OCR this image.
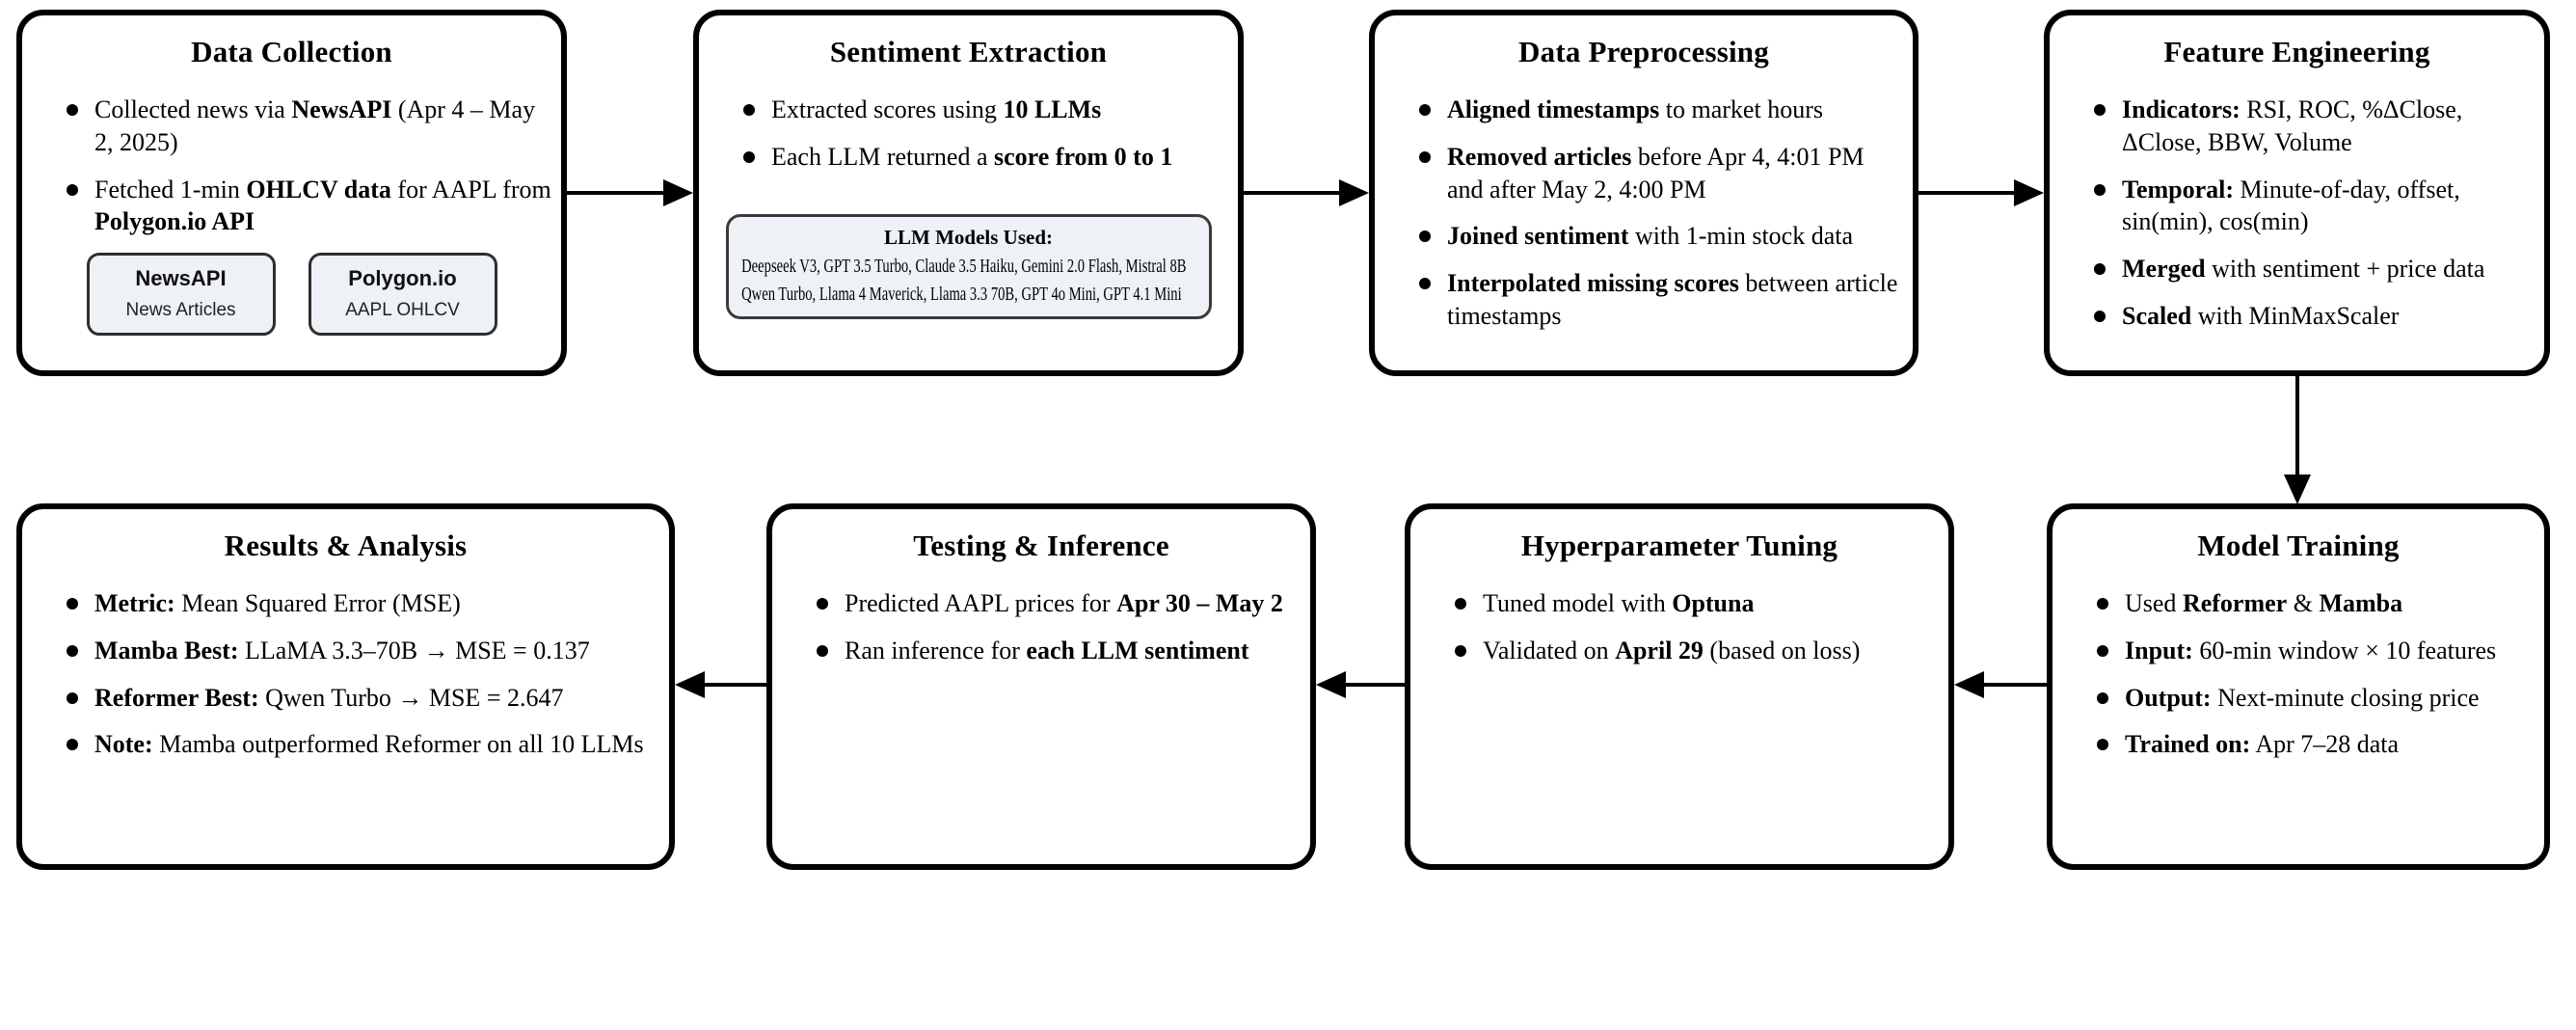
Data Collection
Collected news via NewsAPI (Apr 4 – May 2, 2025)
Fetched 1-min OHLCV data for AAPL from Polygon.io API
NewsAPI
News Articles
Polygon.io
AAPL OHLCV
Sentiment Extraction
Extracted scores using 10 LLMs
Each LLM returned a score from 0 to 1
LLM Models Used:
Deepseek V3, GPT 3.5 Turbo, Claude 3.5 Haiku, Gemini 2.0 Flash, Mistral 8B
Qwen Turbo, Llama 4 Maverick, Llama 3.3 70B, GPT 4o Mini, GPT 4.1 Mini
Data Preprocessing
Aligned timestamps to market hours
Removed articles before Apr 4, 4:01 PM and after May 2, 4:00 PM
Joined sentiment with 1-min stock data
Interpolated missing scores between article timestamps
Feature Engineering
Indicators: RSI, ROC, %ΔClose, ΔClose, BBW, Volume
Temporal: Minute-of-day, offset, sin(min), cos(min)
Merged with sentiment + price data
Scaled with MinMaxScaler
Model Training
Used Reformer & Mamba
Input: 60-min window × 10 features
Output: Next-minute closing price
Trained on: Apr 7–28 data
Hyperparameter Tuning
Tuned model with Optuna
Validated on April 29 (based on loss)
Testing & Inference
Predicted AAPL prices for Apr 30 – May 2
Ran inference for each LLM sentiment
Results & Analysis
Metric: Mean Squared Error (MSE)
Mamba Best: LLaMA 3.3–70B → MSE = 0.137
Reformer Best: Qwen Turbo → MSE = 2.647
Note: Mamba outperformed Reformer on all 10 LLMs
